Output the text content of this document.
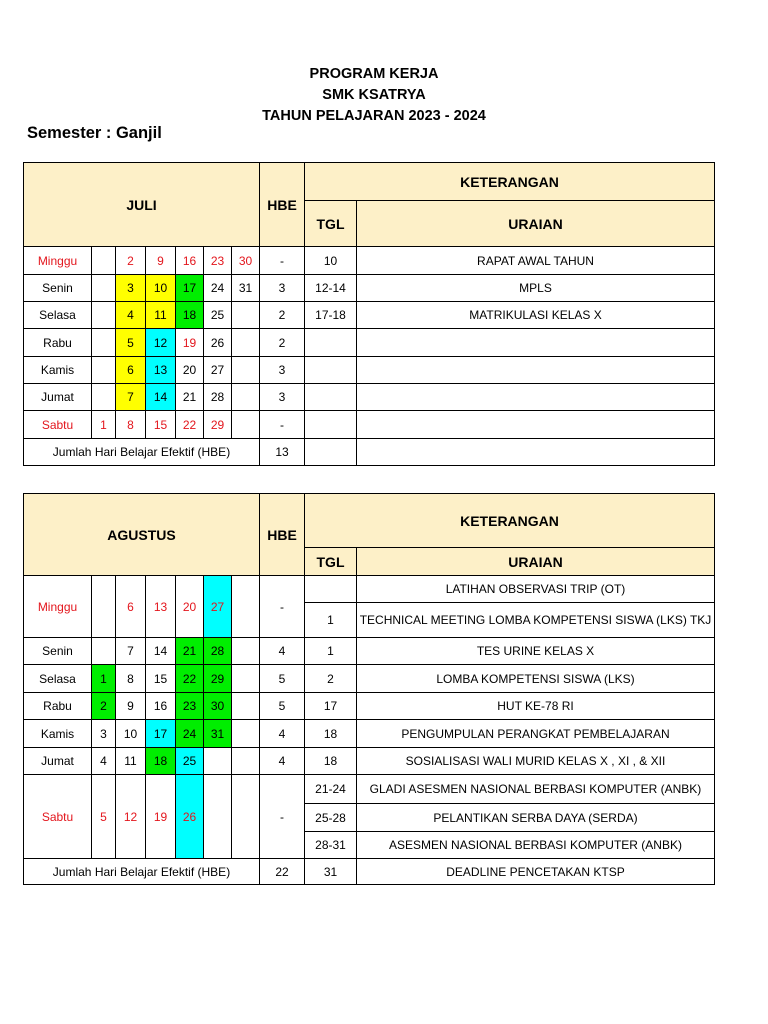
PROGRAM KERJA
SMK KSATRYA
TAHUN PELAJARAN 2023 - 2024
Semester : Ganjil
JULI							HBE	KETERANGAN	
								TGL	URAIAN
Minggu		2	9	16	23	30	-	10	RAPAT AWAL TAHUN
Senin		3	10	17	24	31	3	12-14	MPLS
Selasa		4	11	18	25		2	17-18	MATRIKULASI KELAS X
Rabu		5	12	19	26		2		
Kamis		6	13	20	27		3		
Jumat		7	14	21	28		3		
Sabtu	1	8	15	22	29		-		
Jumlah Hari Belajar Efektif (HBE)							13		
AGUSTUS							HBE	KETERANGAN	
								TGL	URAIAN
Minggu		6	13	20	27		-		LATIHAN OBSERVASI TRIP (OT)
								1	TECHNICAL MEETING LOMBA KOMPETENSI SISWA (LKS) TKJ
Senin		7	14	21	28		4	1	TES URINE KELAS X
Selasa	1	8	15	22	29		5	2	LOMBA KOMPETENSI SISWA (LKS)
Rabu	2	9	16	23	30		5	17	HUT KE-78 RI
Kamis	3	10	17	24	31		4	18	PENGUMPULAN PERANGKAT PEMBELAJARAN
Jumat	4	11	18	25			4	18	SOSIALISASI WALI MURID KELAS X , XI , & XII
Sabtu	5	12	19	26			-	21-24	GLADI ASESMEN NASIONAL BERBASI KOMPUTER (ANBK)
								25-28	PELANTIKAN SERBA DAYA (SERDA)
								28-31	ASESMEN NASIONAL BERBASI KOMPUTER (ANBK)
Jumlah Hari Belajar Efektif (HBE)							22	31	DEADLINE PENCETAKAN KTSP
